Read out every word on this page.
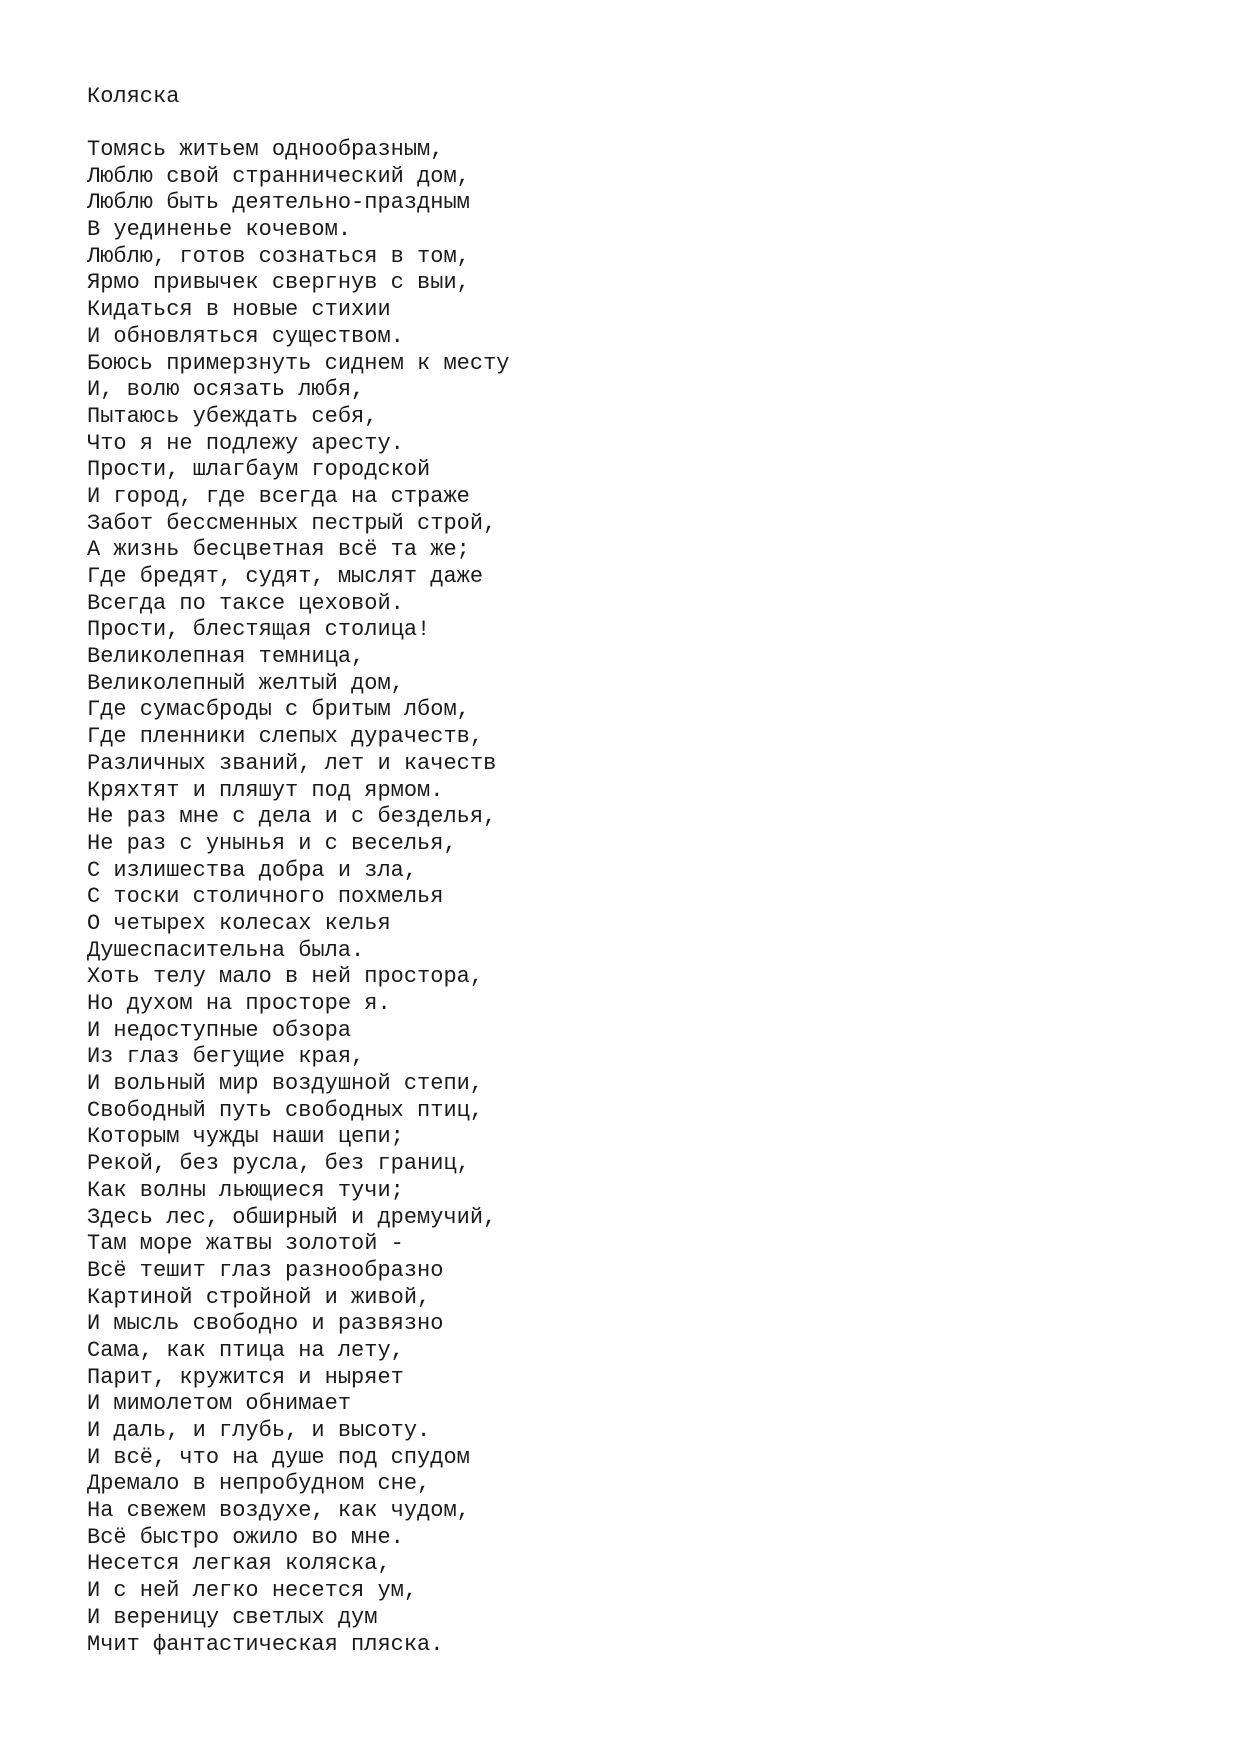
Коляска
Томясь житьем однообразным,
Люблю свой страннический дом,
Люблю быть деятельно-праздным
В уединенье кочевом.
Люблю, готов сознаться в том,
Ярмо привычек свергнув с выи,
Кидаться в новые стихии
И обновляться существом.
Боюсь примерзнуть сиднем к месту
И, волю осязать любя,
Пытаюсь убеждать себя,
Что я не подлежу аресту.
Прости, шлагбаум городской
И город, где всегда на страже
Забот бессменных пестрый строй,
А жизнь бесцветная всё та же;
Где бредят, судят, мыслят даже
Всегда по таксе цеховой.
Прости, блестящая столица!
Великолепная темница,
Великолепный желтый дом,
Где сумасброды с бритым лбом,
Где пленники слепых дурачеств,
Различных званий, лет и качеств
Кряхтят и пляшут под ярмом.
Не раз мне с дела и с безделья,
Не раз с унынья и с веселья,
С излишества добра и зла,
С тоски столичного похмелья
О четырех колесах келья
Душеспасительна была.
Хоть телу мало в ней простора,
Но духом на просторе я.
И недоступные обзора
Из глаз бегущие края,
И вольный мир воздушной степи,
Свободный путь свободных птиц,
Которым чужды наши цепи;
Рекой, без русла, без границ,
Как волны льющиеся тучи;
Здесь лес, обширный и дремучий,
Там море жатвы золотой -
Всё тешит глаз разнообразно
Картиной стройной и живой,
И мысль свободно и развязно
Сама, как птица на лету,
Парит, кружится и ныряет
И мимолетом обнимает
И даль, и глубь, и высоту.
И всё, что на душе под спудом
Дремало в непробудном сне,
На свежем воздухе, как чудом,
Всё быстро ожило во мне.
Несется легкая коляска,
И с ней легко несется ум,
И вереницу светлых дум
Мчит фантастическая пляска.
